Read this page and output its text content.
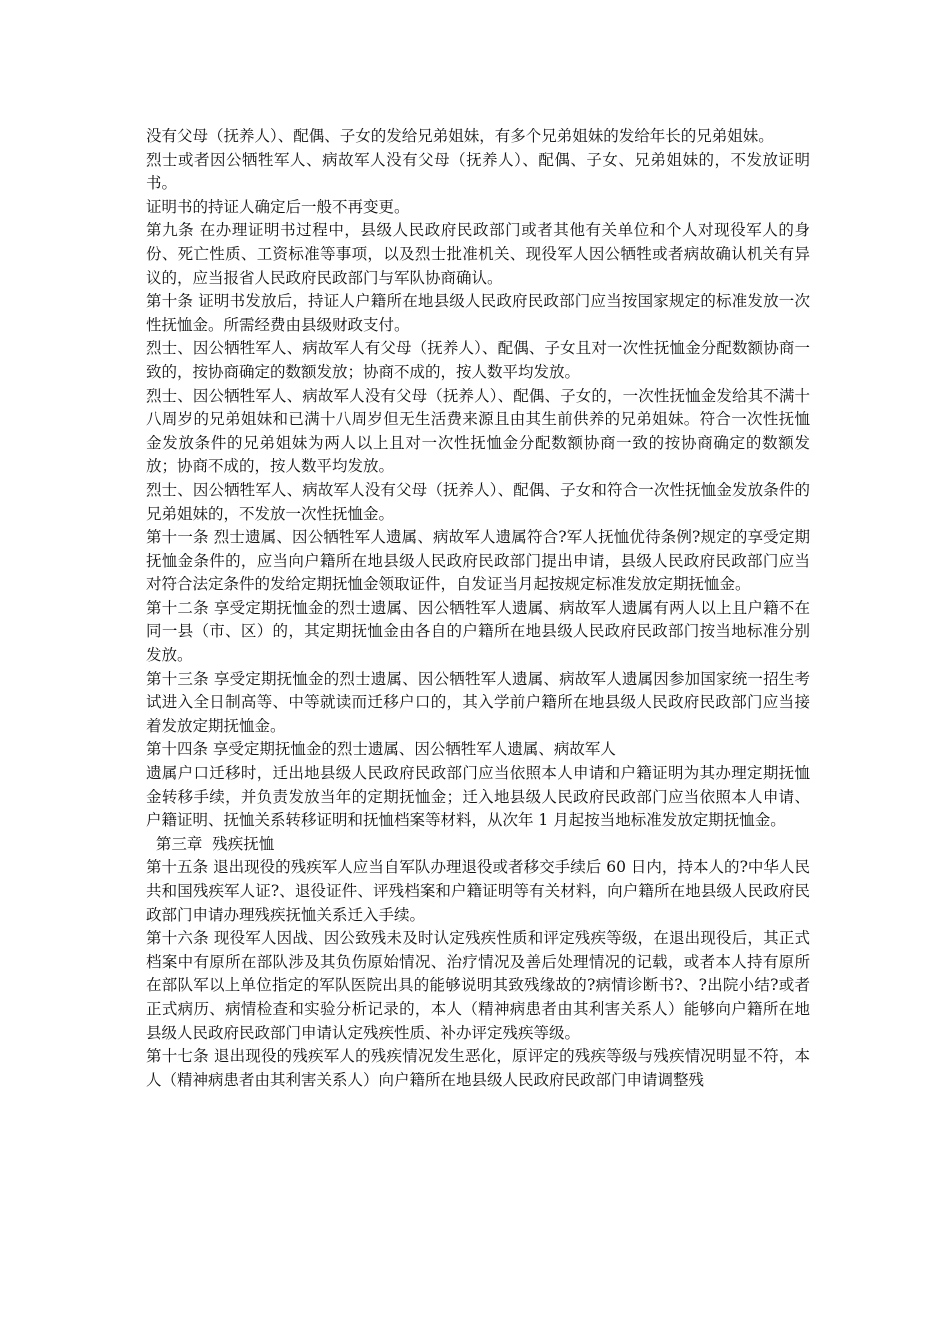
没有父母（抚养人）、配偶、子女的发给兄弟姐妹，有多个兄弟姐妹的发给年长的兄弟姐妹。

烈士或者因公牺牲军人、病故军人没有父母（抚养人）、配偶、子女、兄弟姐妹的，不发放证明书。

证明书的持证人确定后一般不再变更。

第九条 在办理证明书过程中，县级人民政府民政部门或者其他有关单位和个人对现役军人的身份、死亡性质、工资标准等事项，以及烈士批准机关、现役军人因公牺牲或者病故确认机关有异议的，应当报省人民政府民政部门与军队协商确认。

第十条 证明书发放后，持证人户籍所在地县级人民政府民政部门应当按国家规定的标准发放一次性抚恤金。所需经费由县级财政支付。

烈士、因公牺牲军人、病故军人有父母（抚养人）、配偶、子女且对一次性抚恤金分配数额协商一致的，按协商确定的数额发放；协商不成的，按人数平均发放。

烈士、因公牺牲军人、病故军人没有父母（抚养人）、配偶、子女的，一次性抚恤金发给其不满十八周岁的兄弟姐妹和已满十八周岁但无生活费来源且由其生前供养的兄弟姐妹。符合一次性抚恤金发放条件的兄弟姐妹为两人以上且对一次性抚恤金分配数额协商一致的按协商确定的数额发放；协商不成的，按人数平均发放。

烈士、因公牺牲军人、病故军人没有父母（抚养人）、配偶、子女和符合一次性抚恤金发放条件的兄弟姐妹的，不发放一次性抚恤金。

第十一条 烈士遗属、因公牺牲军人遗属、病故军人遗属符合?军人抚恤优待条例?规定的享受定期抚恤金条件的，应当向户籍所在地县级人民政府民政部门提出申请，县级人民政府民政部门应当对符合法定条件的发给定期抚恤金领取证件，自发证当月起按规定标准发放定期抚恤金。

第十二条 享受定期抚恤金的烈士遗属、因公牺牲军人遗属、病故军人遗属有两人以上且户籍不在同一县（市、区）的，其定期抚恤金由各自的户籍所在地县级人民政府民政部门按当地标准分别发放。

第十三条 享受定期抚恤金的烈士遗属、因公牺牲军人遗属、病故军人遗属因参加国家统一招生考试进入全日制高等、中等就读而迁移户口的，其入学前户籍所在地县级人民政府民政部门应当接着发放定期抚恤金。

第十四条 享受定期抚恤金的烈士遗属、因公牺牲军人遗属、病故军人

遗属户口迁移时，迁出地县级人民政府民政部门应当依照本人申请和户籍证明为其办理定期抚恤金转移手续，并负责发放当年的定期抚恤金；迁入地县级人民政府民政部门应当依照本人申请、户籍证明、抚恤关系转移证明和抚恤档案等材料，从次年 1 月起按当地标准发放定期抚恤金。

第三章  残疾抚恤

第十五条 退出现役的残疾军人应当自军队办理退役或者移交手续后 60 日内，持本人的?中华人民共和国残疾军人证?、退役证件、评残档案和户籍证明等有关材料，向户籍所在地县级人民政府民政部门申请办理残疾抚恤关系迁入手续。

第十六条 现役军人因战、因公致残未及时认定残疾性质和评定残疾等级，在退出现役后，其正式档案中有原所在部队涉及其负伤原始情况、治疗情况及善后处理情况的记载，或者本人持有原所在部队军以上单位指定的军队医院出具的能够说明其致残缘故的?病情诊断书?、?出院小结?或者正式病历、病情检查和实验分析记录的，本人（精神病患者由其利害关系人）能够向户籍所在地县级人民政府民政部门申请认定残疾性质、补办评定残疾等级。

第十七条 退出现役的残疾军人的残疾情况发生恶化，原评定的残疾等级与残疾情况明显不符，本人（精神病患者由其利害关系人）向户籍所在地县级人民政府民政部门申请调整残
